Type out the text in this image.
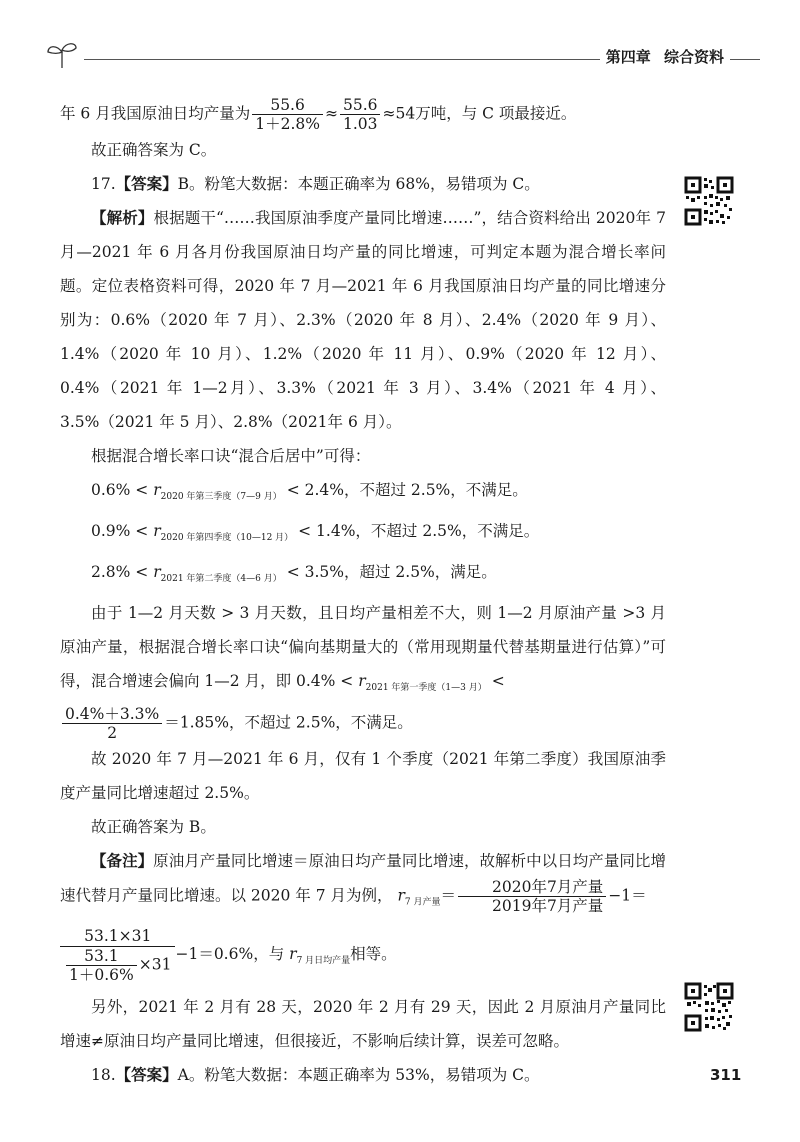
第四章 综合资料

年 6 月我国原油日均产量为 $\frac{55.6}{1+2.8\%} \approx \frac{55.6}{1.03} \approx 54$万吨，与 C 项最接近。

故正确答案为 C。

17.【答案】B。粉笔大数据：本题正确率为 68%，易错项为 C。

【解析】根据题干“……我国原油季度产量同比增速……”，结合资料给出 2020年 7 月—2021 年 6 月各月份我国原油日均产量的同比增速，可判定本题为混合增长率问题。定位表格资料可得，2020 年 7 月—2021 年 6 月我国原油日均产量的同比增速分别为：0.6%（2020 年 7 月）、2.3%（2020 年 8 月）、2.4%（2020 年 9 月）、1.4%（2020 年 10 月）、1.2%（2020 年 11 月）、0.9%（2020 年 12 月）、0.4%（2021 年 1—2月）、3.3%（2021 年 3 月）、3.4%（2021 年 4 月）、3.5%（2021 年 5 月）、2.8%（2021年 6 月）。

根据混合增长率口诀“混合后居中”可得：

$0.6\% < r_{2020 年第三季度(7—9 月)} < 2.4\%$，不超过 2.5%，不满足。

$0.9\% < r_{2020 年第四季度(10—12 月)} < 1.4\%$，不超过 2.5%，不满足。

$2.8\% < r_{2021 年第二季度(4—6 月)} < 3.5\%$，超过 2.5%，满足。

由于 1—2 月天数 > 3 月天数，且日均产量相差不大，则 1—2 月原油产量 >3 月原油产量，根据混合增长率口诀“偏向基期量大的（常用现期量代替基期量进行估算）”可得，混合增速会偏向 1—2 月，即 $0.4\% < r_{2021 年第一季度(1—3 月)}$ <

$\frac{0.4\%+3.3\%}{2} =1.85\%$，不超过 2.5%，不满足。

故 2020 年 7 月—2021 年 6 月，仅有 1 个季度（2021 年第二季度）我国原油季度产量同比增速超过 2.5%。

故正确答案为 B。

【备注】原油月产量同比增速＝原油日均产量同比增速，故解析中以日均产量同比增速代替月产量同比增速。以 2020 年 7 月为例， $r_{7 月产量}= \frac{\text{2020年7月产量}}{\text{2019年7月产量}} -1=$

$\frac{53.1\times 31}{\frac{53.1}{1+0.6\%} \times 31} -1=0.6\%$，与 $r_{7 月日均产量}$相等。

另外，2021 年 2 月有 28 天，2020 年 2 月有 29 天，因此 2 月原油月产量同比增速≠原油日均产量同比增速，但很接近，不影响后续计算，误差可忽略。

18.【答案】A。粉笔大数据：本题正确率为 53%，易错项为 C。	311
